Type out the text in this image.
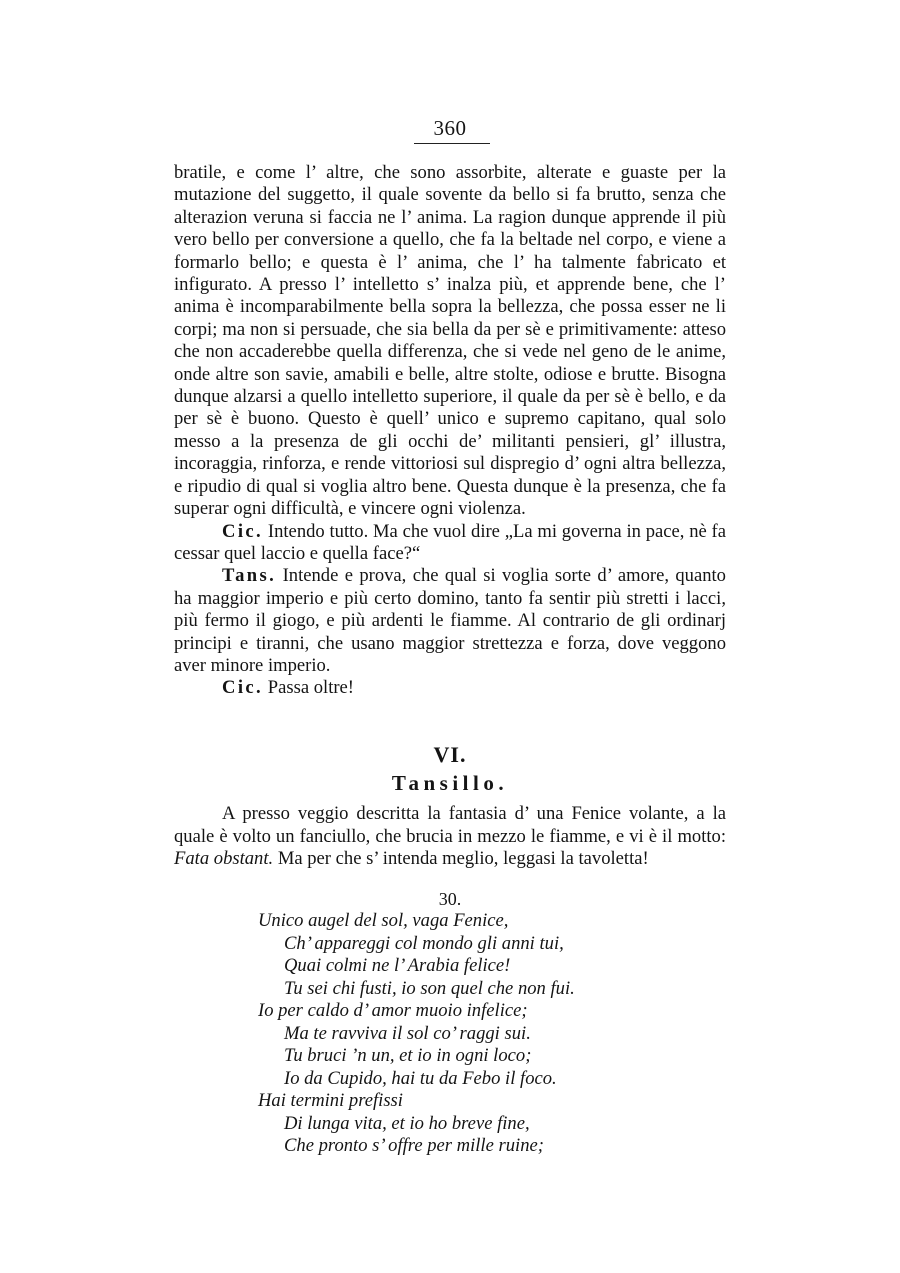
360

bratile, e come l’ altre, che sono assorbite, alterate e guaste per la mutazione del suggetto, il quale sovente da bello si fa brutto, senza che alterazion veruna si faccia ne l’ anima. La ragion dunque apprende il più vero bello per conversione a quello, che fa la beltade nel corpo, e viene a formarlo bello; e questa è l’ anima, che l’ ha talmente fabricato et infigurato. A presso l’ intelletto s’ inalza più, et apprende bene, che l’ anima è incomparabilmente bella sopra la bellezza, che possa esser ne li corpi; ma non si persuade, che sia bella da per sè e primitivamente: atteso che non accaderebbe quella differenza, che si vede nel geno de le anime, onde altre son savie, amabili e belle, altre stolte, odiose e brutte. Bisogna dunque alzarsi a quello intelletto superiore, il quale da per sè è bello, e da per sè è buono. Questo è quell’ unico e supremo capitano, qual solo messo a la presenza de gli occhi de’ militanti pensieri, gl’ illustra, incoraggia, rinforza, e rende vittoriosi sul dispregio d’ ogni altra bellezza, e ripudio di qual si voglia altro bene. Questa dunque è la presenza, che fa superar ogni difficultà, e vincere ogni violenza.

Cic. Intendo tutto. Ma che vuol dire „La mi governa in pace, nè fa cessar quel laccio e quella face?“

Tans. Intende e prova, che qual si voglia sorte d’ amore, quanto ha maggior imperio e più certo domino, tanto fa sentir più stretti i lacci, più fermo il giogo, e più ardenti le fiamme. Al contrario de gli ordinarj principi e tiranni, che usano maggior strettezza e forza, dove veggono aver minore imperio.

Cic. Passa oltre!

VI.
Tansillo.

A presso veggio descritta la fantasia d’ una Fenice volante, a la quale è volto un fanciullo, che brucia in mezzo le fiamme, e vi è il motto: Fata obstant. Ma per che s’ intenda meglio, leggasi la tavoletta!

30.
Unico augel del sol, vaga Fenice,
Ch’ appareggi col mondo gli anni tui,
Quai colmi ne l’ Arabia felice!
Tu sei chi fusti, io son quel che non fui.
Io per caldo d’ amor muoio infelice;
Ma te ravviva il sol co’ raggi sui.
Tu bruci ’n un, et io in ogni loco;
Io da Cupido, hai tu da Febo il foco.
Hai termini prefissi
Di lunga vita, et io ho breve fine,
Che pronto s’ offre per mille ruine;
